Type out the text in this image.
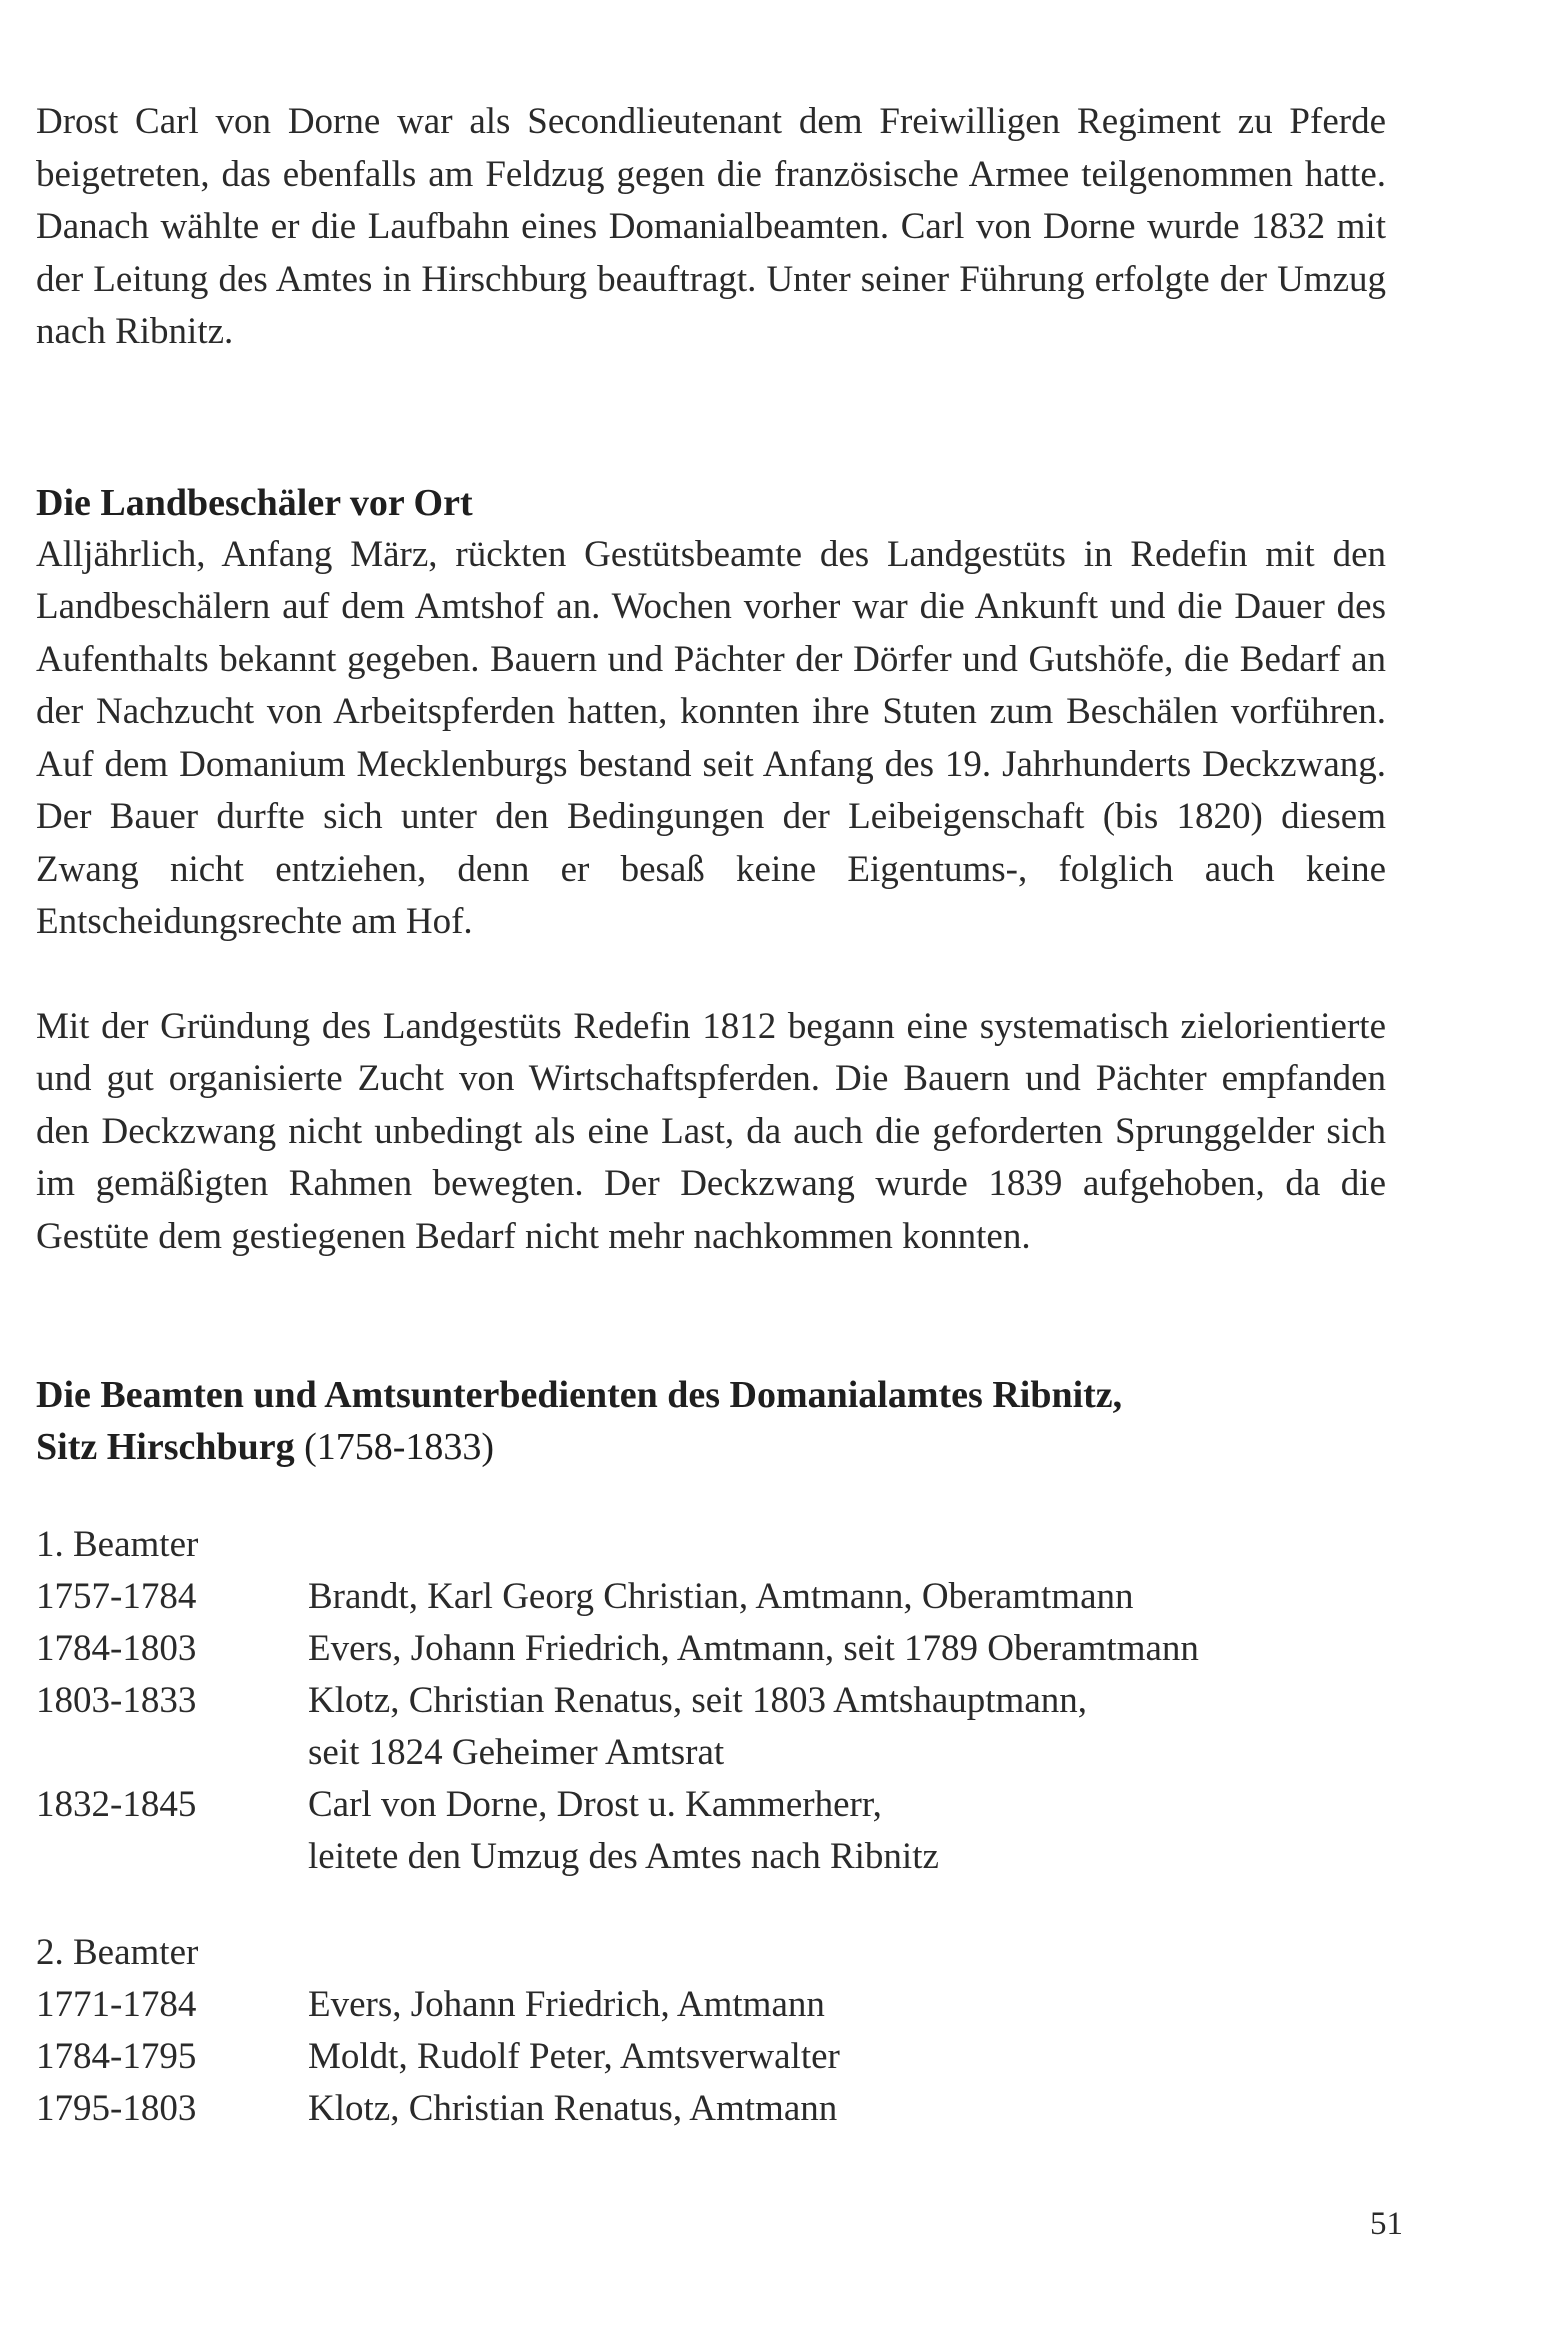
Drost Carl von Dorne war als Secondlieutenant dem Freiwilligen Regiment zu Pferde beigetreten, das ebenfalls am Feldzug gegen die französische Armee teilgenommen hatte. Danach wählte er die Laufbahn eines Domanialbeamten. Carl von Dorne wurde 1832 mit der Leitung des Amtes in Hirschburg beauftragt. Unter seiner Führung erfolgte der Umzug nach Ribnitz.

Die Landbeschäler vor Ort

Alljährlich, Anfang März, rückten Gestütsbeamte des Landgestüts in Redefin mit den Landbeschälern auf dem Amtshof an. Wochen vorher war die Ankunft und die Dauer des Aufenthalts bekannt gegeben. Bauern und Pächter der Dörfer und Gutshöfe, die Bedarf an der Nachzucht von Arbeitspferden hatten, konnten ihre Stuten zum Beschälen vorführen. Auf dem Domanium Mecklenburgs bestand seit Anfang des 19. Jahrhunderts Deckzwang. Der Bauer durfte sich unter den Bedingungen der Leibeigenschaft (bis 1820) diesem Zwang nicht entziehen, denn er besaß keine Eigentums-, folglich auch keine Entscheidungsrechte am Hof.

Mit der Gründung des Landgestüts Redefin 1812 begann eine systematisch zielorientierte und gut organisierte Zucht von Wirtschaftspferden. Die Bauern und Pächter empfanden den Deckzwang nicht unbedingt als eine Last, da auch die geforderten Sprunggelder sich im gemäßigten Rahmen bewegten. Der Deckzwang wurde 1839 aufgehoben, da die Gestüte dem gestiegenen Bedarf nicht mehr nachkommen konnten.

Die Beamten und Amtsunterbedienten des Domanialamtes Ribnitz,
Sitz Hirschburg (1758-1833)

1. Beamter

1757-1784	Brandt, Karl Georg Christian, Amtmann, Oberamtmann
1784-1803	Evers, Johann Friedrich, Amtmann, seit 1789 Oberamtmann
1803-1833	Klotz, Christian Renatus, seit 1803 Amtshauptmann,
seit 1824 Geheimer Amtsrat
1832-1845	Carl von Dorne, Drost u. Kammerherr,
leitete den Umzug des Amtes nach Ribnitz

2. Beamter

1771-1784	Evers, Johann Friedrich, Amtmann
1784-1795	Moldt, Rudolf Peter, Amtsverwalter
1795-1803	Klotz, Christian Renatus, Amtmann
51
